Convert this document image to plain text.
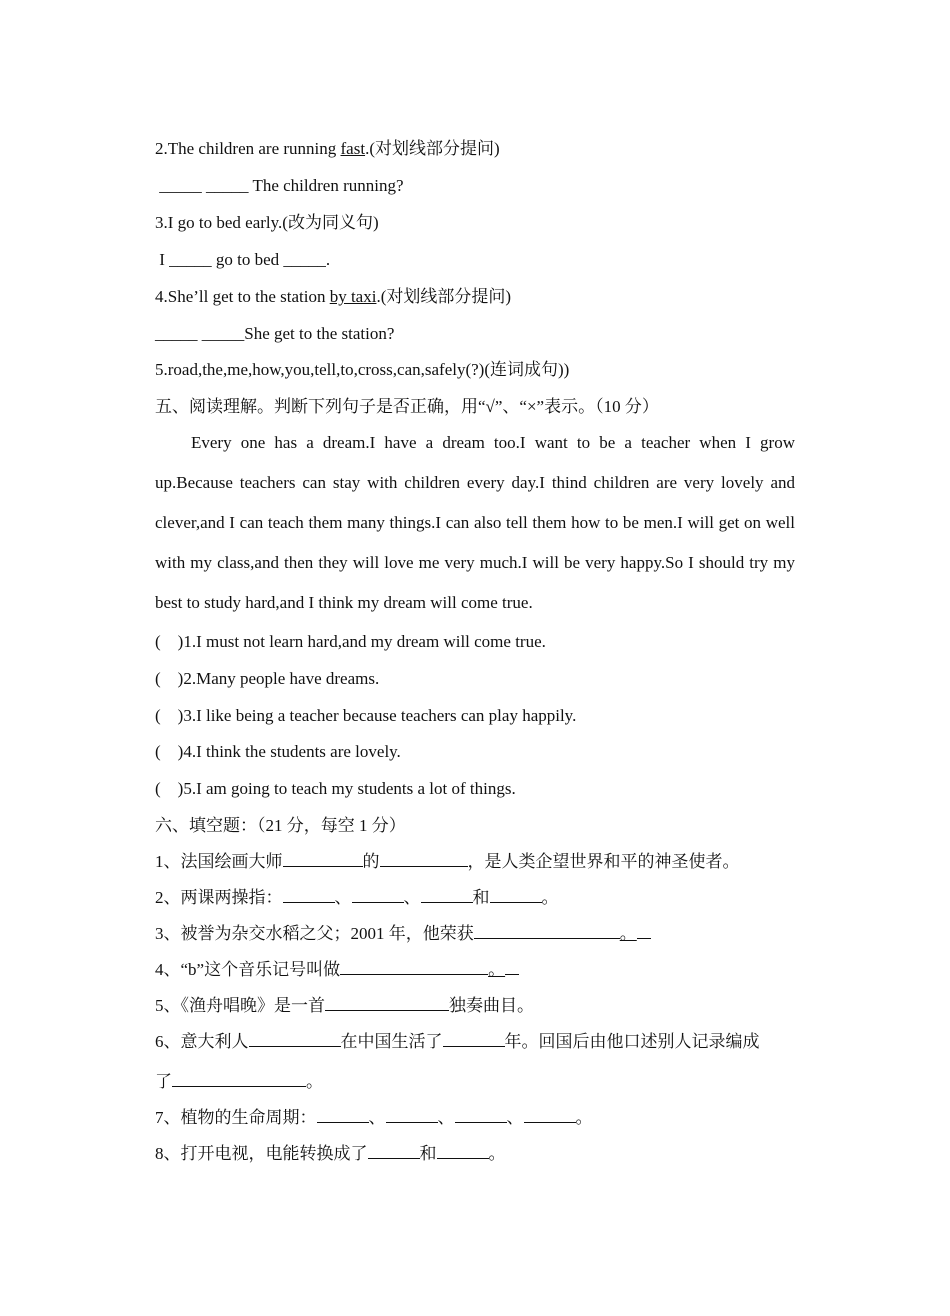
2.The children are running fast.(对划线部分提问)
_____ _____ The children running?
3.I go to bed early.(改为同义句)
I _____ go to bed _____.
4.She’ll get to the station by taxi.(对划线部分提问)
_____ _____She get to the station?
5.road,the,me,how,you,tell,to,cross,can,safely(?)(连词成句))
五、阅读理解。判断下列句子是否正确，用“√”、“×”表示。（10 分）
Every one has a dream.I have a dream too.I want to be a teacher when I grow up.Because teachers can stay with children every day.I thind children are very lovely and clever,and I can teach them many things.I can also tell them how to be men.I will get on well with my class,and then they will love me very much.I will be very happy.So I should try my best to study hard,and I think my dream will come true.
(    )1.I must not learn hard,and my dream will come true.
(    )2.Many people have dreams.
(    )3.I like being a teacher because teachers can play happily.
(    )4.I think the students are lovely.
(    )5.I am going to teach my students a lot of things.
六、填空题：（21 分，每空 1 分）
1、法国绘画大师	的	，是人类企望世界和平的神圣使者。
2、两课两操指：	、	、	和	。
3、被誉为杂交水稻之父；2001 年，他荣获	。
4、“b”这个音乐记号叫做	。
5、《渔舟唱晚》是一首	独奏曲目。
6、意大利人	在中国生活了	年。回国后由他口述别人记录编成
了	。
7、植物的生命周期：	、	、	、	。
8、打开电视，电能转换成了	和	。
